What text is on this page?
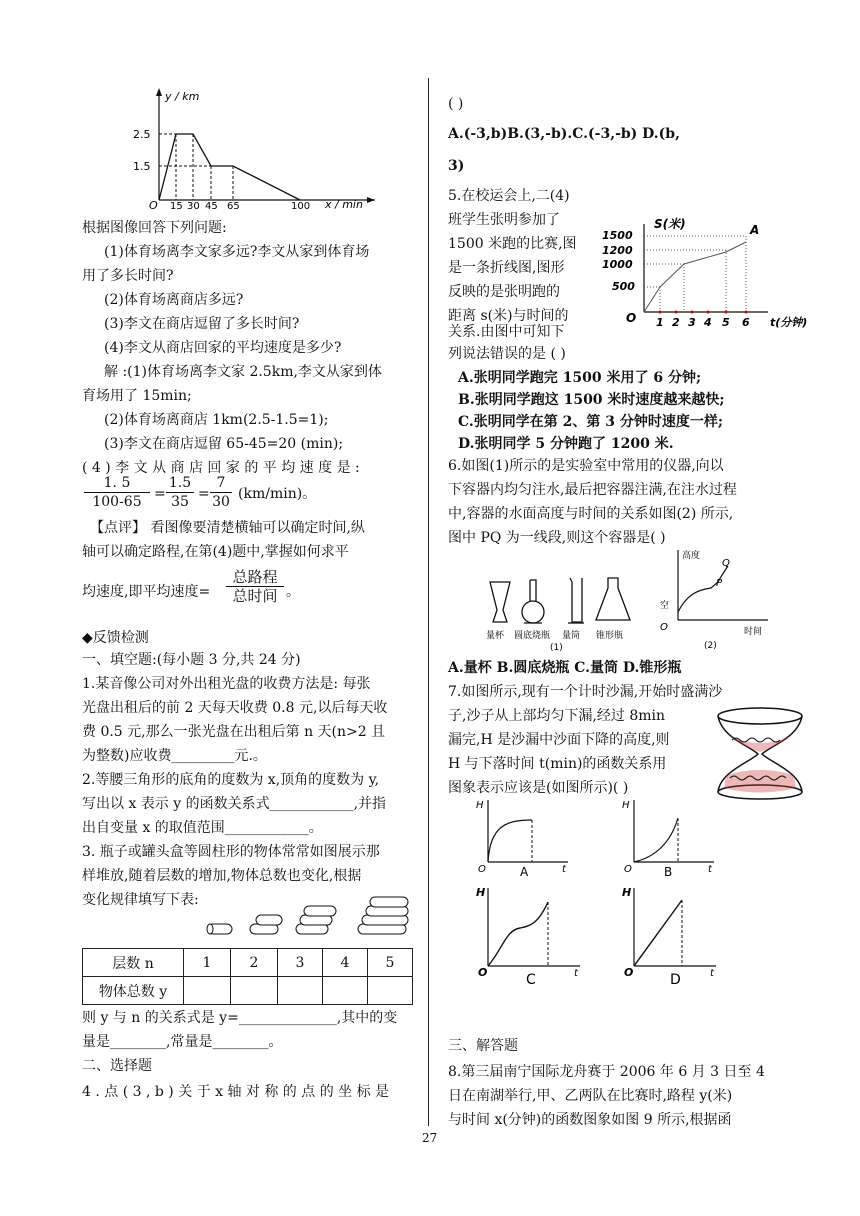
y / km
x / min
O
2.5
1.5
15 30 45 65	100
根据图像回答下列问题:
(1)体育场离李文家多远?李文从家到体育场
用了多长时间?
(2)体育场离商店多远?
(3)李文在商店逗留了多长时间?
(4)李文从商店回家的平均速度是多少?
解 :(1)体育场离李文家 2.5km,李文从家到体
育场用了 15min;
(2)体育场离商店 1km(2.5-1.5=1);
(3)李文在商店逗留 65-45=20 (min);
( 4 ) 李 文 从 商 店 回 家 的 平 均 速 度 是 :
$\frac{1. 5}{100-65} = \frac{1.5}{35} = \frac{7}{30} (km/\min)$。
【点评】 看图像要清楚横轴可以确定时间,纵
轴可以确定路程,在第(4)题中,掌握如何求平
均速度,即平均速度=
总路程
总时间 。
◆反馈检测
一、填空题:(每小题 3 分,共 24 分)
1.某音像公司对外出租光盘的收费方法是: 每张
光盘出租后的前 2 天每天收费 0.8 元,以后每天收
费 0.5 元,那么一张光盘在出租后第 n 天(n>2 且
为整数)应收费_________元.。
2.等腰三角形的底角的度数为 x,顶角的度数为 y,
写出以 x 表示 y 的函数关系式____________,并指
出自变量 x 的取值范围____________。
3. 瓶子或罐头盒等圆柱形的物体常常如图展示那
样堆放,随着层数的增加,物体总数也变化,根据
变化规律填写下表:
层数 n	1	2	3	4	5
物体总数 y					
则 y 与 n 的关系式是 y=______________,其中的变
量是________,常量是________。
二、选择题
4 . 点 ( 3 , b ) 关 于 x 轴 对 称 的 点 的 坐 标 是
( )
A.(-3,b)B.(3,-b).C.(-3,-b) D.(b,
3)
5.在校运会上,二(4)
班学生张明参加了
1500 米跑的比赛,图
是一条折线图,图形
反映的是张明跑的
距离 s(米)与时间的
关系.由图中可知下
列说法错误的是 ( )
S(米)	A
1500
1200
1000
500
O 1 2 3 4 5 6 t(分钟)
A.张明同学跑完 1500 米用了 6 分钟;
B.张明同学跑这 1500 米时速度越来越快;
C.张明同学在第 2、第 3 分钟时速度一样;
D.张明同学 5 分钟跑了 1200 米.
6.如图(1)所示的是实验室中常用的仪器,向以
下容器内均匀注水,最后把容器注满,在注水过程
中,容器的水面高度与时间的关系如图(2) 所示,
图中 PQ 为一线段,则这个容器是( )
量杯 圆底烧瓶 量筒 锥形瓶
(1)
高度
空
O	时间
P
Q
(2)
A.量杯 B.圆底烧瓶 C.量筒 D.锥形瓶
7.如图所示,现有一个计时沙漏,开始时盛满沙
子,沙子从上部均匀下漏,经过 8min
漏完,H 是沙漏中沙面下降的高度,则
H 与下落时间 t(min)的函数关系用
图象表示应该是(如图所示)( )
H
O	t
A
H
O	t
B
H
O	t
C
H
O	t
D
三、解答题
8.第三届南宁国际龙舟赛于 2006 年 6 月 3 日至 4
日在南湖举行,甲、乙两队在比赛时,路程 y(米)
与时间 x(分钟)的函数图象如图 9 所示,根据函
27
